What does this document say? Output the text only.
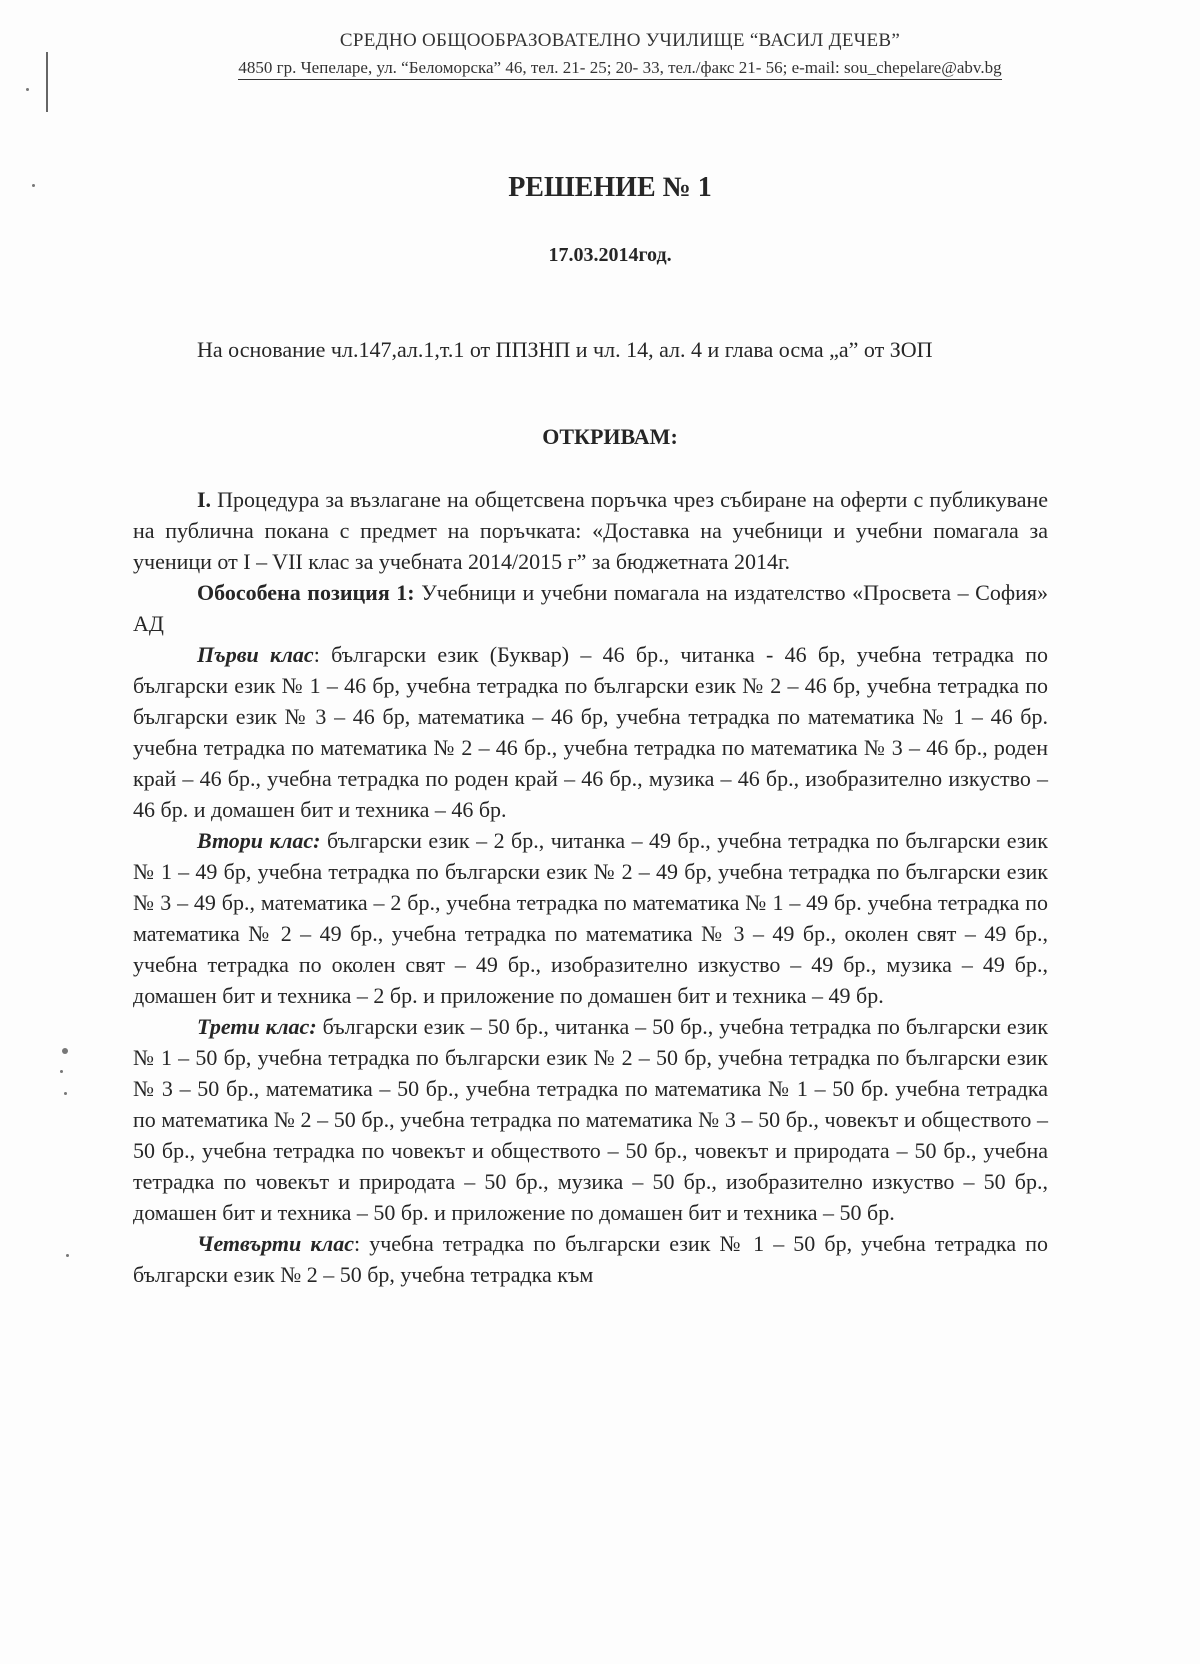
СРЕДНО ОБЩООБРАЗОВАТЕЛНО УЧИЛИЩЕ “ВАСИЛ ДЕЧЕВ”
4850 гр. Чепеларе, ул. “Беломорска” 46, тел. 21- 25; 20- 33, тел./факс 21- 56; e-mail: sou_chepelare@abv.bg
РЕШЕНИЕ № 1
17.03.2014год.
На основание чл.147,ал.1,т.1 от ППЗНП и чл. 14, ал. 4 и глава осма „а” от ЗОП
ОТКРИВАМ:

I. Процедура за възлагане на общетсвена поръчка чрез събиране на оферти с публикуване на публична покана с предмет на поръчката: «Доставка на учебници и учебни помагала за ученици от I – VII клас за учебната 2014/2015 г” за бюджетната 2014г.

Обособена позиция 1: Учебници и учебни помагала на издателство «Просвета – София» АД

Първи клас: български език (Буквар) – 46 бр., читанка - 46 бр, учебна тетрадка по български език № 1 – 46 бр, учебна тетрадка по български език № 2 – 46 бр, учебна тетрадка по български език № 3 – 46 бр, математика – 46 бр, учебна тетрадка по математика № 1 – 46 бр. учебна тетрадка по математика № 2 – 46 бр., учебна тетрадка по математика № 3 – 46 бр., роден край – 46 бр., учебна тетрадка по роден край – 46 бр., музика – 46 бр., изобразително изкуство – 46 бр. и домашен бит и техника – 46 бр.

Втори клас: български език – 2 бр., читанка – 49 бр., учебна тетрадка по български език № 1 – 49 бр, учебна тетрадка по български език № 2 – 49 бр, учебна тетрадка по български език № 3 – 49 бр., математика – 2 бр., учебна тетрадка по математика № 1 – 49 бр. учебна тетрадка по математика № 2 – 49 бр., учебна тетрадка по математика № 3 – 49 бр., околен свят – 49 бр., учебна тетрадка по околен свят – 49 бр., изобразително изкуство – 49 бр., музика – 49 бр., домашен бит и техника – 2 бр. и приложение по домашен бит и техника – 49 бр.

Трети клас: български език – 50 бр., читанка – 50 бр., учебна тетрадка по български език № 1 – 50 бр, учебна тетрадка по български език № 2 – 50 бр, учебна тетрадка по български език № 3 – 50 бр., математика – 50 бр., учебна тетрадка по математика № 1 – 50 бр. учебна тетрадка по математика № 2 – 50 бр., учебна тетрадка по математика № 3 – 50 бр., човекът и обществото – 50 бр., учебна тетрадка по човекът и обществото – 50 бр., човекът и природата – 50 бр., учебна тетрадка по човекът и природата – 50 бр., музика – 50 бр., изобразително изкуство – 50 бр., домашен бит и техника – 50 бр. и приложение по домашен бит и техника – 50 бр.

Четвърти клас: учебна тетрадка по български език № 1 – 50 бр, учебна тетрадка по български език № 2 – 50 бр, учебна тетрадка към
